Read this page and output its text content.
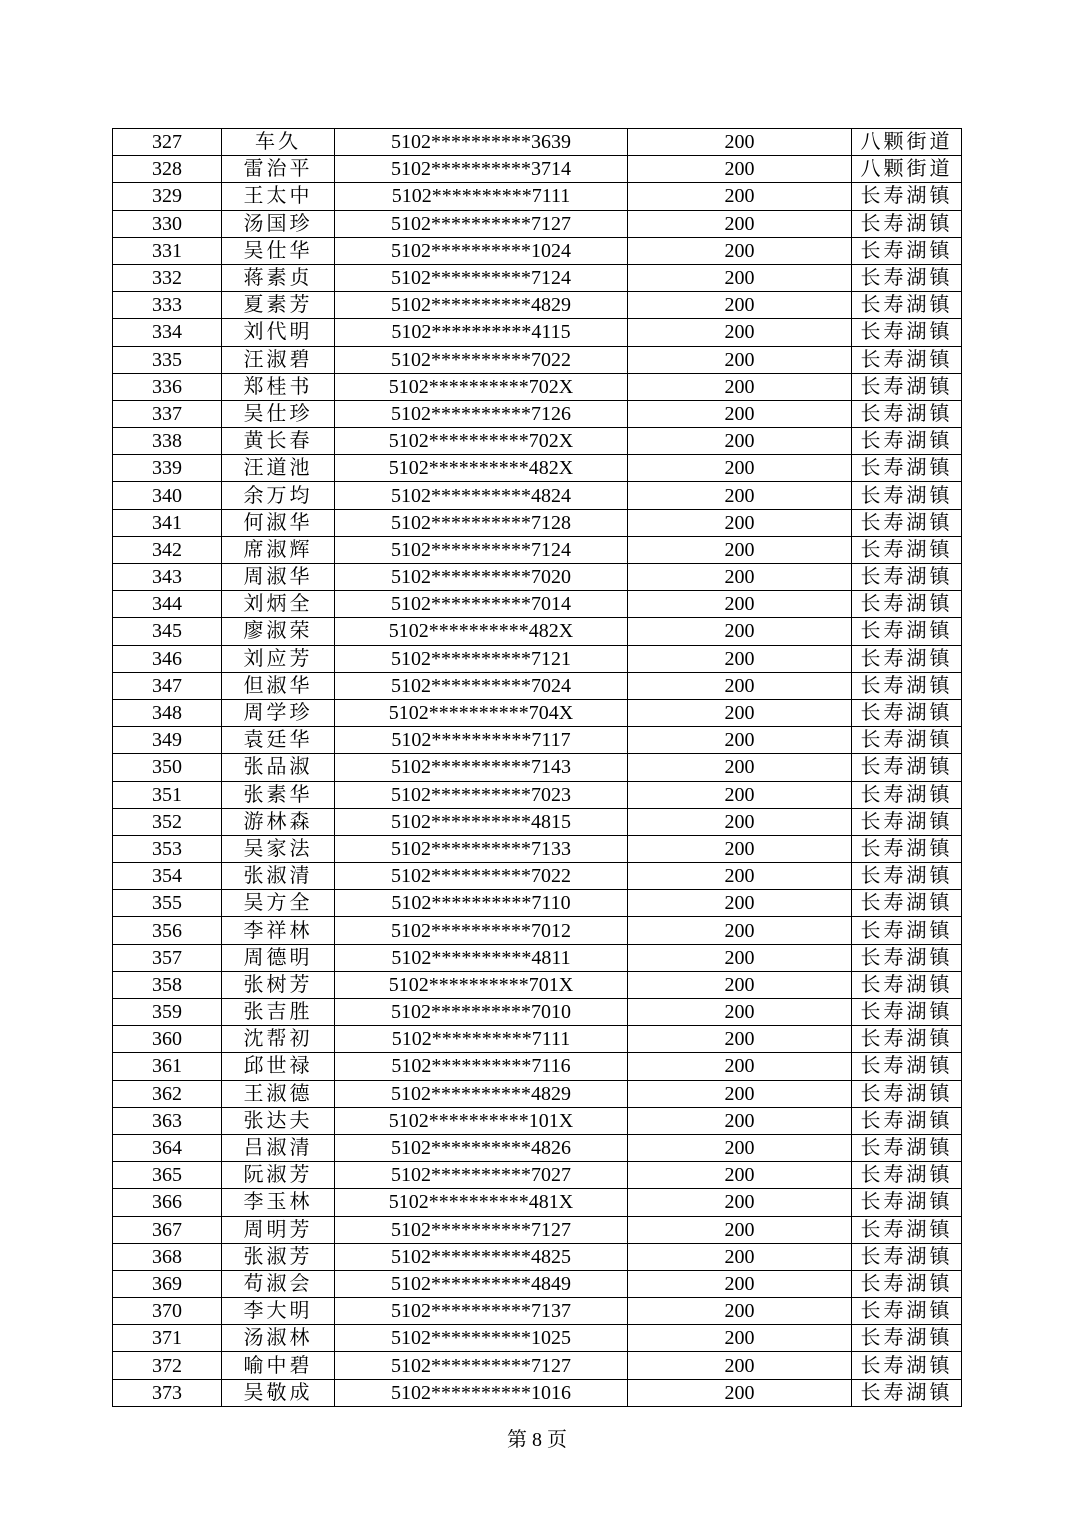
327	车久	5102**********3639	200	八颗街道
328	雷治平	5102**********3714	200	八颗街道
329	王太中	5102**********7111	200	长寿湖镇
330	汤国珍	5102**********7127	200	长寿湖镇
331	吴仕华	5102**********1024	200	长寿湖镇
332	蒋素贞	5102**********7124	200	长寿湖镇
333	夏素芳	5102**********4829	200	长寿湖镇
334	刘代明	5102**********4115	200	长寿湖镇
335	汪淑碧	5102**********7022	200	长寿湖镇
336	郑桂书	5102**********702X	200	长寿湖镇
337	吴仕珍	5102**********7126	200	长寿湖镇
338	黄长春	5102**********702X	200	长寿湖镇
339	汪道池	5102**********482X	200	长寿湖镇
340	余万均	5102**********4824	200	长寿湖镇
341	何淑华	5102**********7128	200	长寿湖镇
342	席淑辉	5102**********7124	200	长寿湖镇
343	周淑华	5102**********7020	200	长寿湖镇
344	刘炳全	5102**********7014	200	长寿湖镇
345	廖淑荣	5102**********482X	200	长寿湖镇
346	刘应芳	5102**********7121	200	长寿湖镇
347	但淑华	5102**********7024	200	长寿湖镇
348	周学珍	5102**********704X	200	长寿湖镇
349	袁廷华	5102**********7117	200	长寿湖镇
350	张品淑	5102**********7143	200	长寿湖镇
351	张素华	5102**********7023	200	长寿湖镇
352	游林森	5102**********4815	200	长寿湖镇
353	吴家法	5102**********7133	200	长寿湖镇
354	张淑清	5102**********7022	200	长寿湖镇
355	吴方全	5102**********7110	200	长寿湖镇
356	李祥林	5102**********7012	200	长寿湖镇
357	周德明	5102**********4811	200	长寿湖镇
358	张树芳	5102**********701X	200	长寿湖镇
359	张吉胜	5102**********7010	200	长寿湖镇
360	沈帮初	5102**********7111	200	长寿湖镇
361	邱世禄	5102**********7116	200	长寿湖镇
362	王淑德	5102**********4829	200	长寿湖镇
363	张达夫	5102**********101X	200	长寿湖镇
364	吕淑清	5102**********4826	200	长寿湖镇
365	阮淑芳	5102**********7027	200	长寿湖镇
366	李玉林	5102**********481X	200	长寿湖镇
367	周明芳	5102**********7127	200	长寿湖镇
368	张淑芳	5102**********4825	200	长寿湖镇
369	苟淑会	5102**********4849	200	长寿湖镇
370	李大明	5102**********7137	200	长寿湖镇
371	汤淑林	5102**********1025	200	长寿湖镇
372	喻中碧	5102**********7127	200	长寿湖镇
373	吴敬成	5102**********1016	200	长寿湖镇
第 8 页
